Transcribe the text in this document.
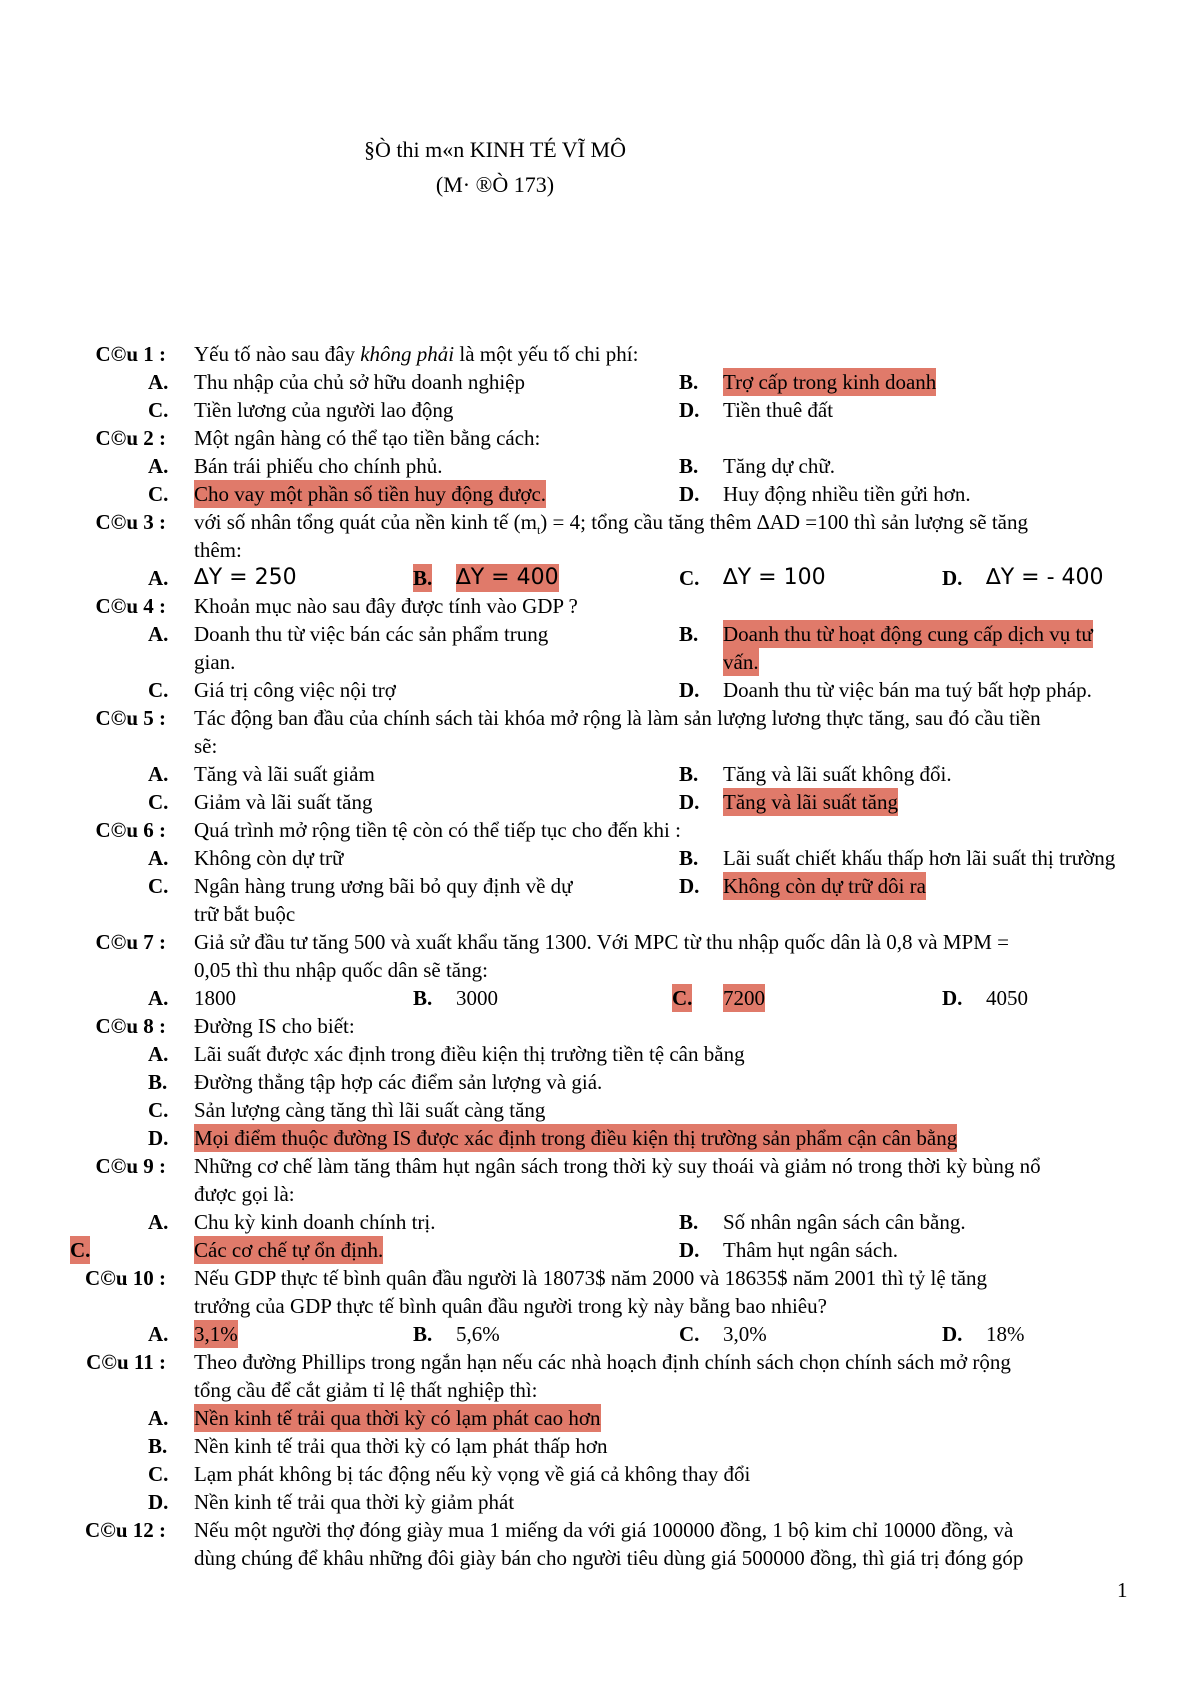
§Ò thi m«n KINH TÉ VĨ MÔ
(M· ®Ò 173)
C©u 1 : Yếu tố nào sau đây không phải là một yếu tố chi phí:
A. Thu nhập của chủ sở hữu doanh nghiệp	B. Trợ cấp trong kinh doanh
C. Tiền lương của người lao động	D. Tiền thuê đất
C©u 2 : Một ngân hàng có thể tạo tiền bằng cách:
A. Bán trái phiếu cho chính phủ.	B. Tăng dự chữ.
C. Cho vay một phần số tiền huy động được.	D. Huy động nhiều tiền gửi hơn.
C©u 3 : với số nhân tổng quát của nền kinh tế $(m_t) = 4$; tổng cầu tăng thêm ∆AD =100 thì sản lượng sẽ tăng
thêm:
A. ∆Y = 250	B. ∆Y = 400	C. ∆Y = 100	D. ∆Y = - 400
C©u 4 : Khoản mục nào sau đây được tính vào GDP ?
A. Doanh thu từ việc bán các sản phẩm trung	B. Doanh thu từ hoạt động cung cấp dịch vụ tư
gian.	vấn.
C. Giá trị công việc nội trợ	D. Doanh thu từ việc bán ma tuý bất hợp pháp.
C©u 5 : Tác động ban đầu của chính sách tài khóa mở rộng là làm sản lượng lương thực tăng, sau đó cầu tiền
sẽ:
A. Tăng và lãi suất giảm	B. Tăng và lãi suất không đổi.
C. Giảm và lãi suất tăng	D. Tăng và lãi suất tăng
C©u 6 : Quá trình mở rộng tiền tệ còn có thể tiếp tục cho đến khi :
A. Không còn dự trữ	B. Lãi suất chiết khấu thấp hơn lãi suất thị trường
C. Ngân hàng trung ương bãi bỏ quy định về dự	D. Không còn dự trữ dôi ra
trữ bắt buộc
C©u 7 : Giả sử đầu tư tăng 500 và xuất khẩu tăng 1300. Với MPC từ thu nhập quốc dân là 0,8 và MPM =
0,05 thì thu nhập quốc dân sẽ tăng:
A. 1800	B. 3000	C. 7200	D. 4050
C©u 8 : Đường IS cho biết:
A. Lãi suất được xác định trong điều kiện thị trường tiền tệ cân bằng
B. Đường thẳng tập hợp các điểm sản lượng và giá.
C. Sản lượng càng tăng thì lãi suất càng tăng
D. Mọi điểm thuộc đường IS được xác định trong điều kiện thị trường sản phẩm cận cân bằng
C©u 9 : Những cơ chế làm tăng thâm hụt ngân sách trong thời kỳ suy thoái và giảm nó trong thời kỳ bùng nổ
được gọi là:
A. Chu kỳ kinh doanh chính trị.	B. Số nhân ngân sách cân bằng.
C.	Các cơ chế tự ổn định.	D. Thâm hụt ngân sách.
C©u 10 : Nếu GDP thực tế bình quân đầu người là 18073$ năm 2000 và 18635$ năm 2001 thì tỷ lệ tăng
trưởng của GDP thực tế bình quân đầu người trong kỳ này bằng bao nhiêu?
A. 3,1%	B. 5,6%	C. 3,0%	D. 18%
C©u 11 : Theo đường Phillips trong ngắn hạn nếu các nhà hoạch định chính sách chọn chính sách mở rộng
tổng cầu để cắt giảm tỉ lệ thất nghiệp thì:
A. Nền kinh tế trải qua thời kỳ có lạm phát cao hơn
B. Nền kinh tế trải qua thời kỳ có lạm phát thấp hơn
C. Lạm phát không bị tác động nếu kỳ vọng về giá cả không thay đổi
D. Nền kinh tế trải qua thời kỳ giảm phát
C©u 12 : Nếu một người thợ đóng giày mua 1 miếng da với giá 100000 đồng, 1 bộ kim chỉ 10000 đồng, và
dùng chúng để khâu những đôi giày bán cho người tiêu dùng giá 500000 đồng, thì giá trị đóng góp
1
